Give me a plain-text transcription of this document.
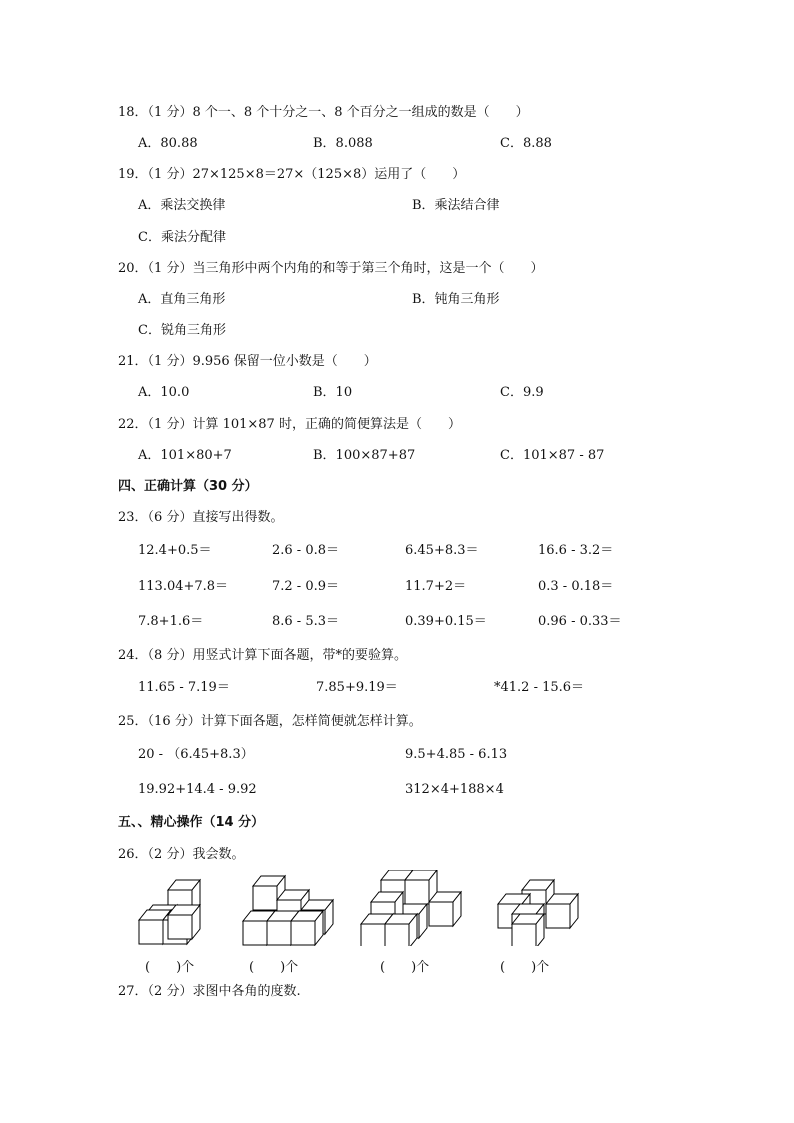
18．（1 分）8 个一、8 个十分之一、8 个百分之一组成的数是（　　）
A．80.88	B．8.088	C．8.88
19．（1 分）27×125×8＝27×（125×8）运用了（　　）
A．乘法交换律	B．乘法结合律
C．乘法分配律
20．（1 分）当三角形中两个内角的和等于第三个角时，这是一个（　　）
A．直角三角形	B．钝角三角形
C．锐角三角形
21．（1 分）9.956 保留一位小数是（　　）
A．10.0	B．10	C．9.9
22．（1 分）计算 101×87 时，正确的简便算法是（　　）
A．101×80+7	B．100×87+87	C．101×87 - 87
四、正确计算（30 分）
23．（6 分）直接写出得数。
12.4+0.5＝	2.6 - 0.8＝	6.45+8.3＝	16.6 - 3.2＝
113.04+7.8＝	7.2 - 0.9＝	11.7+2＝	0.3 - 0.18＝
7.8+1.6＝	8.6 - 5.3＝	0.39+0.15＝	0.96 - 0.33＝
24．（8 分）用竖式计算下面各题，带*的要验算。
11.65 - 7.19＝	7.85+9.19＝	*41.2 - 15.6＝
25．（16 分）计算下面各题，怎样简便就怎样计算。
20 - （6.45+8.3）	9.5+4.85 - 6.13
19.92+14.4 - 9.92	312×4+188×4
五、、精心操作（14 分）
26．（2 分）我会数。
(　　)个	(　　)个	(　　)个	(　　)个
27．（2 分）求图中各角的度数.
